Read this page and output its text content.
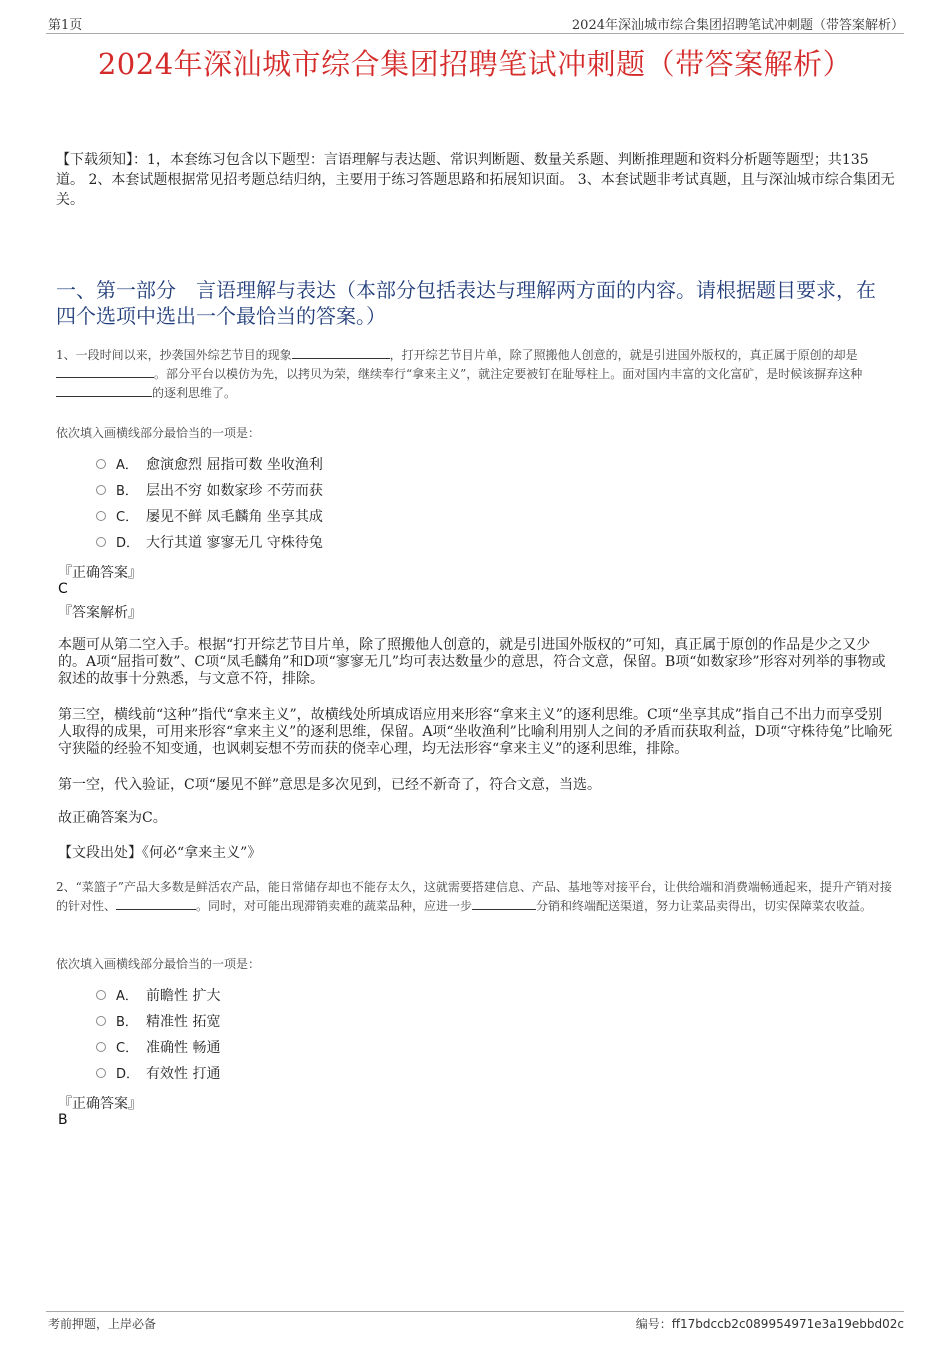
第1页	2024年深汕城市综合集团招聘笔试冲刺题（带答案解析）
2024年深汕城市综合集团招聘笔试冲刺题（带答案解析）
【下载须知】：1，本套练习包含以下题型：言语理解与表达题、常识判断题、数量关系题、判断推理题和资料分析题等题型；共135道。 2、本套试题根据常见招考题总结归纳，主要用于练习答题思路和拓展知识面。 3、本套试题非考试真题，且与深汕城市综合集团无关。
一、第一部分　言语理解与表达（本部分包括表达与理解两方面的内容。请根据题目要求，在四个选项中选出一个最恰当的答案。）
1、一段时间以来，抄袭国外综艺节目的现象	，打开综艺节目片单，除了照搬他人创意的，就是引进国外版权的，真正属于原创的却是。部分平台以模仿为先，以拷贝为荣，继续奉行“拿来主义”，就注定要被钉在耻辱柱上。面对国内丰富的文化富矿，是时候该摒弃这种的逐利思维了。
依次填入画横线部分最恰当的一项是：
A． 愈演愈烈 屈指可数 坐收渔利
B． 层出不穷 如数家珍 不劳而获
C． 屡见不鲜 凤毛麟角 坐享其成
D． 大行其道 寥寥无几 守株待兔
『正确答案』
C
『答案解析』
本题可从第二空入手。根据“打开综艺节目片单，除了照搬他人创意的，就是引进国外版权的”可知，真正属于原创的作品是少之又少的。A项“屈指可数”、C项“凤毛麟角”和D项“寥寥无几”均可表达数量少的意思，符合文意，保留。B项“如数家珍”形容对列举的事物或叙述的故事十分熟悉，与文意不符，排除。
第三空，横线前“这种”指代“拿来主义”，故横线处所填成语应用来形容“拿来主义”的逐利思维。C项“坐享其成”指自己不出力而享受别人取得的成果，可用来形容“拿来主义”的逐利思维，保留。A项“坐收渔利”比喻利用别人之间的矛盾而获取利益，D项“守株待兔”比喻死守狭隘的经验不知变通，也讽刺妄想不劳而获的侥幸心理，均无法形容“拿来主义”的逐利思维，排除。
第一空，代入验证，C项“屡见不鲜”意思是多次见到，已经不新奇了，符合文意，当选。
故正确答案为C。
【文段出处】《何必“拿来主义”》
2、“菜篮子”产品大多数是鲜活农产品，能日常储存却也不能存太久，这就需要搭建信息、产品、基地等对接平台，让供给端和消费端畅通起来，提升产销对接的针对性、	。同时，对可能出现滞销卖难的蔬菜品种，应进一步	分销和终端配送渠道，努力让菜品卖得出，切实保障菜农收益。
依次填入画横线部分最恰当的一项是：
A． 前瞻性 扩大
B． 精准性 拓宽
C． 准确性 畅通
D． 有效性 打通
『正确答案』
B
考前押题，上岸必备	编号：ff17bdccb2c089954971e3a19ebbd02c
